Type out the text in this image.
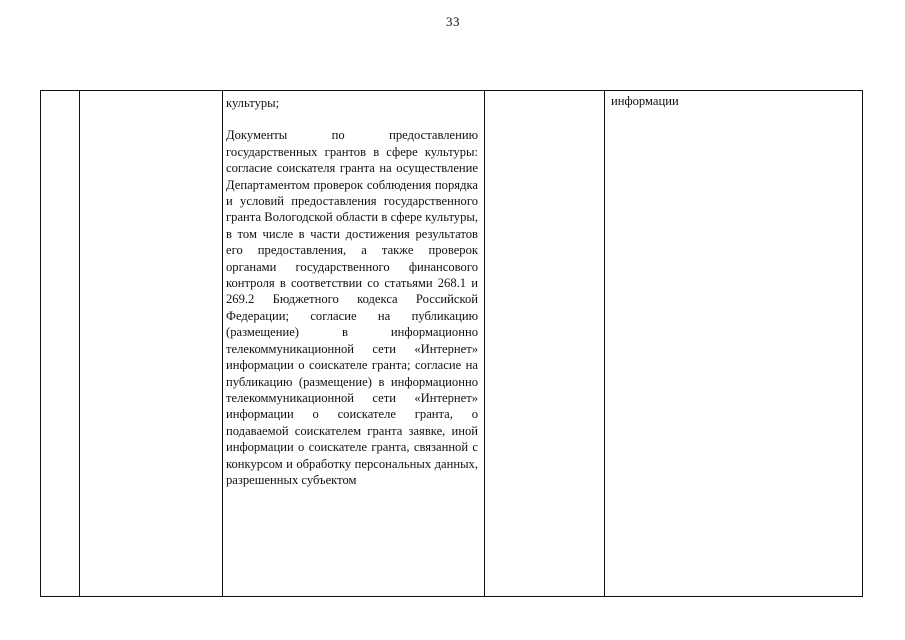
33

культуры;

Документы по предоставлению государственных грантов в сфере культуры: согласие соискателя гранта на осуществление Департаментом проверок соблюдения порядка и условий предоставления государственного гранта Вологодской области в сфере культуры, в том числе в части достижения результатов его предоставления, а также проверок органами государственного финансового контроля в соответствии со статьями 268.1 и 269.2 Бюджетного кодекса Российской Федерации; согласие на публикацию (размещение) в информационно телекоммуникационной сети «Интернет» информации о соискателе гранта; согласие на публикацию (размещение) в информационно телекоммуникационной сети «Интернет» информации о соискателе гранта, о подаваемой соискателем гранта заявке, иной информации о соискателе гранта, связанной с конкурсом и обработку персональных данных, разрешенных субъектом

информации
